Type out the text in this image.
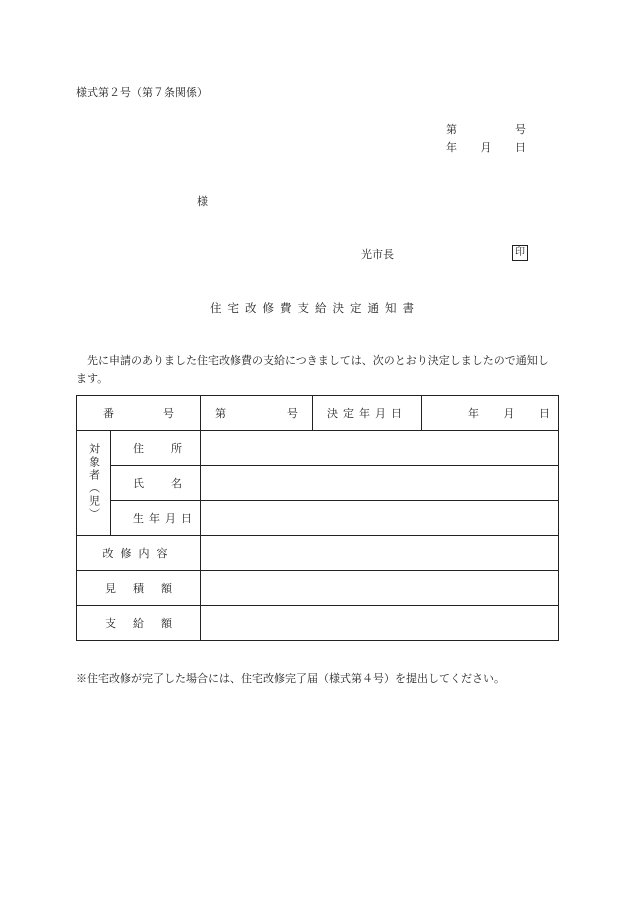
様式第２号（第７条関係）
第	号
年 月 日
様
光市長	印
住宅改修費支給決定通知書
先に申請のありました住宅改修費の支給につきましては、次のとおり決定しましたので通知します。
番 号		第 号	決定年月日	年 月 日

対象者（児）	住 所			

	氏 名			

	生年月日			
改修内容				

見 積 額				

支 給 額				

※住宅改修が完了した場合には、住宅改修完了届（様式第４号）を提出してください。
